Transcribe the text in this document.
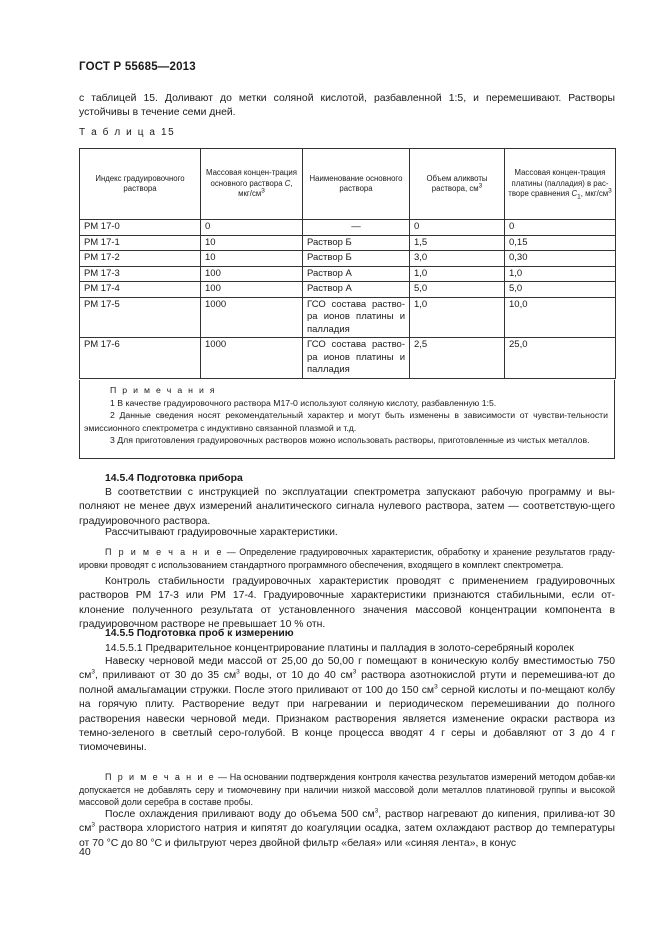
ГОСТ Р 55685—2013

с таблицей 15. Доливают до метки соляной кислотой, разбавленной 1:5, и перемешивают. Растворы устойчивы в течение семи дней.

Т а б л и ц а 15
Индекс градуировочного раствора	Массовая концен-трация основного раствора C, мкг/$см^3$	Наименование основного раствора	Объем аликвоты раствора, $см^3$	Массовая концен-трация платины (палладия) в рас-творе сравнения $C_1$, мкг/$см^3$
РМ 17-0	0	—	0	0
РМ 17-1	10	Раствор Б	1,5	0,15
РМ 17-2	10	Раствор Б	3,0	0,30
РМ 17-3	100	Раствор А	1,0	1,0
РМ 17-4	100	Раствор А	5,0	5,0
РМ 17-5	1000	ГСО состава раство-ра ионов платины и палладия	1,0	10,0
РМ 17-6	1000	ГСО состава раство-ра ионов платины и палладия	2,5	25,0
П р и м е ч а н и я
1 В качестве градуировочного раствора М17-0 используют соляную кислоту, разбавленную 1:5.
2 Данные сведения носят рекомендательный характер и могут быть изменены в зависимости от чувстви-тельности эмиссионного спектрометра с индуктивно связанной плазмой и т.д.
3 Для приготовления градуировочных растворов можно использовать растворы, приготовленные из чистых металлов.

14.5.4 Подготовка прибора

В соответствии с инструкцией по эксплуатации спектрометра запускают рабочую программу и вы-полняют не менее двух измерений аналитического сигнала нулевого раствора, затем — соответствую-щего градуировочного раствора.

Рассчитывают градуировочные характеристики.

П р и м е ч а н и е — Определение градуировочных характеристик, обработку и хранение результатов граду-ировки проводят с использованием стандартного программного обеспечения, входящего в комплект спектрометра.

Контроль стабильности градуировочных характеристик проводят с применением градуировочных растворов РМ 17-3 или РМ 17-4. Градуировочные характеристики признаются стабильными, если от-клонение полученного результата от установленного значения массовой концентрации компонента в градуировочном растворе не превышает 10 % отн.

14.5.5 Подготовка проб к измерению

14.5.5.1 Предварительное концентрирование платины и палладия в золото-серебряный королек

Навеску черновой меди массой от 25,00 до 50,00 г помещают в коническую колбу вместимостью 750 $см^3$, приливают от 30 до 35 $см^3$ воды, от 10 до 40 $см^3$ раствора азотнокислой ртути и перемешива-ют до полной амальгамации стружки. После этого приливают от 100 до 150 $см^3$ серной кислоты и по-мещают колбу на горячую плиту. Растворение ведут при нагревании и периодическом перемешивании до полного растворения навески черновой меди. Признаком растворения является изменение окраски раствора из темно-зеленого в светлый серо-голубой. В конце процесса вводят 4 г серы и добавляют от 3 до 4 г тиомочевины.

П р и м е ч а н и е — На основании подтверждения контроля качества результатов измерений методом добав-ки допускается не добавлять серу и тиомочевину при наличии низкой массовой доли металлов платиновой группы и высокой массовой доли серебра в составе пробы.

После охлаждения приливают воду до объема 500 $см^3$, раствор нагревают до кипения, прилива-ют 30 $см^3$ раствора хлористого натрия и кипятят до коагуляции осадка, затем охлаждают раствор до температуры от 70 °С до 80 °С и фильтруют через двойной фильтр «белая» или «синяя лента», в конус

40
